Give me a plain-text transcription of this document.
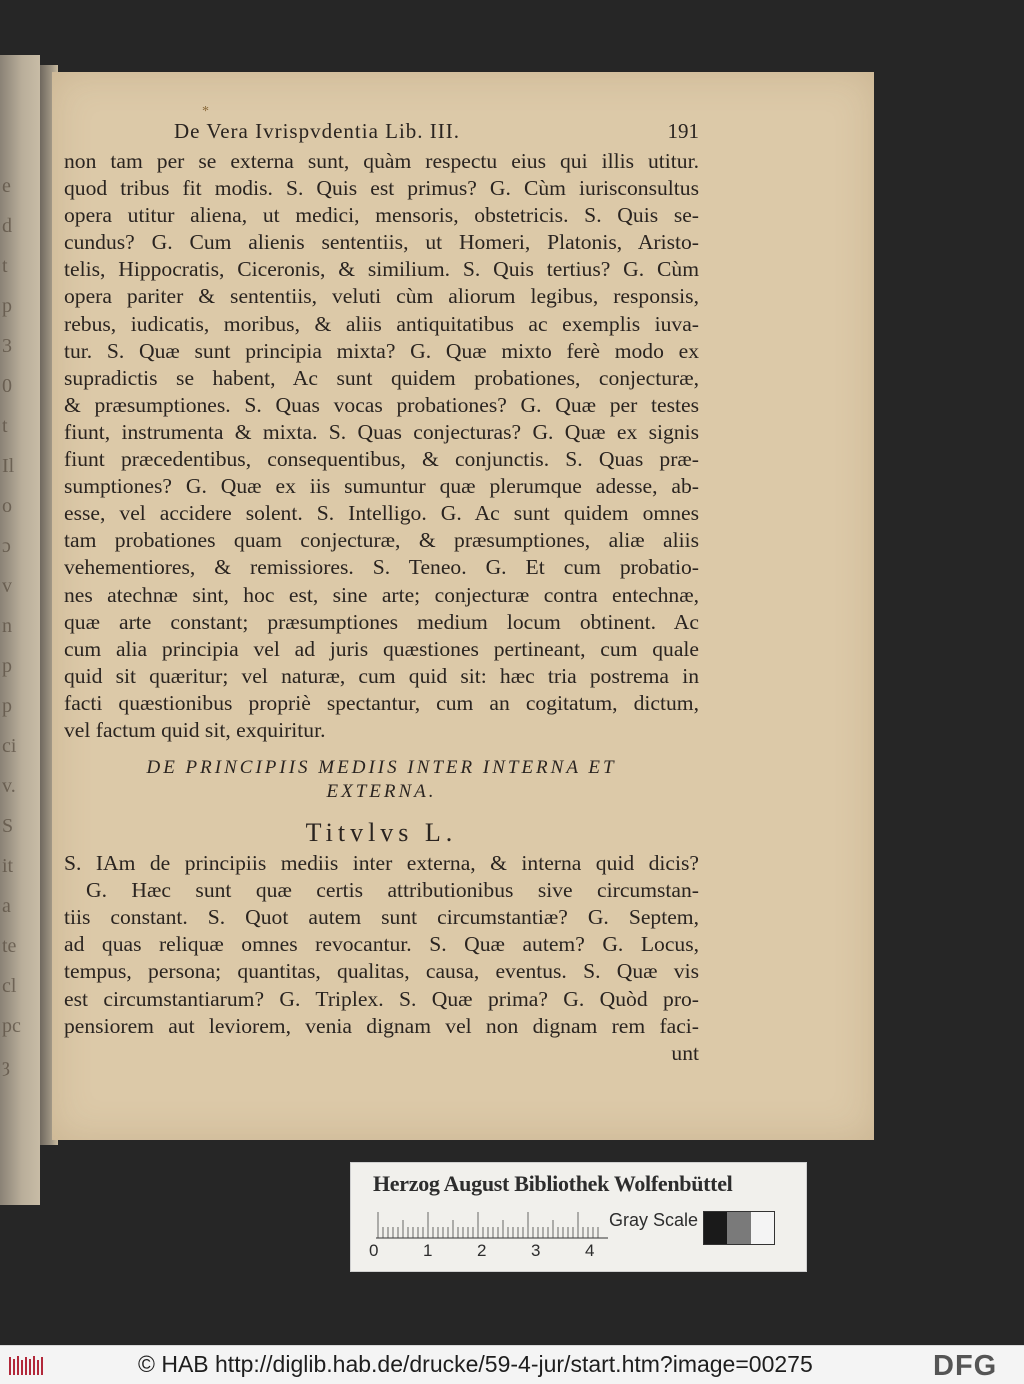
e
d
t
p
3
0
t
Il
o
ɔ
v
n
p
p
ci
v.
S
it
a
te
cl
pc
ȝ
*
De Vera Ivrispvdentia Lib. III.	191
non tam per se externa sunt, quàm respectu eius qui illis utitur.
quod tribus fit modis. S. Quis est primus? G. Cùm iurisconsultus
opera utitur aliena, ut medici, mensoris, obstetricis. S. Quis se-
cundus? G. Cum alienis sententiis, ut Homeri, Platonis, Aristo-
telis, Hippocratis, Ciceronis, & similium. S. Quis tertius? G. Cùm
opera pariter & sententiis, veluti cùm aliorum legibus, responsis,
rebus, iudicatis, moribus, & aliis antiquitatibus ac exemplis iuva-
tur. S. Quæ sunt principia mixta? G. Quæ mixto ferè modo ex
supradictis se habent, Ac sunt quidem probationes, conjecturæ,
& præsumptiones. S. Quas vocas probationes? G. Quæ per testes
fiunt, instrumenta & mixta. S. Quas conjecturas? G. Quæ ex signis
fiunt præcedentibus, consequentibus, & conjunctis. S. Quas præ-
sumptiones? G. Quæ ex iis sumuntur quæ plerumque adesse, ab-
esse, vel accidere solent. S. Intelligo. G. Ac sunt quidem omnes
tam probationes quam conjecturæ, & præsumptiones, aliæ aliis
vehementiores, & remissiores. S. Teneo. G. Et cum probatio-
nes atechnæ sint, hoc est, sine arte; conjecturæ contra entechnæ,
quæ arte constant; præsumptiones medium locum obtinent. Ac
cum alia principia vel ad juris quæstiones pertineant, cum quale
quid sit quæritur; vel naturæ, cum quid sit: hæc tria postrema in
facti quæstionibus propriè spectantur, cum an cogitatum, dictum,
vel factum quid sit, exquiritur.
DE PRINCIPIIS MEDIIS INTER INTERNA ET
EXTERNA.
Titvlvs L.
S. IAm de principiis mediis inter externa, & interna quid dicis?
G. Hæc sunt quæ certis attributionibus sive circumstan-
tiis constant. S. Quot autem sunt circumstantiæ? G. Septem,
ad quas reliquæ omnes revocantur. S. Quæ autem? G. Locus,
tempus, persona; quantitas, qualitas, causa, eventus. S. Quæ vis
est circumstantiarum? G. Triplex. S. Quæ prima? G. Quòd pro-
pensiorem aut leviorem, venia dignam vel non dignam rem faci-
unt
Herzog August Bibliothek Wolfenbüttel
0	1	2	3	4
Gray Scale
© HAB http://diglib.hab.de/drucke/59-4-jur/start.htm?image=00275	DFG
